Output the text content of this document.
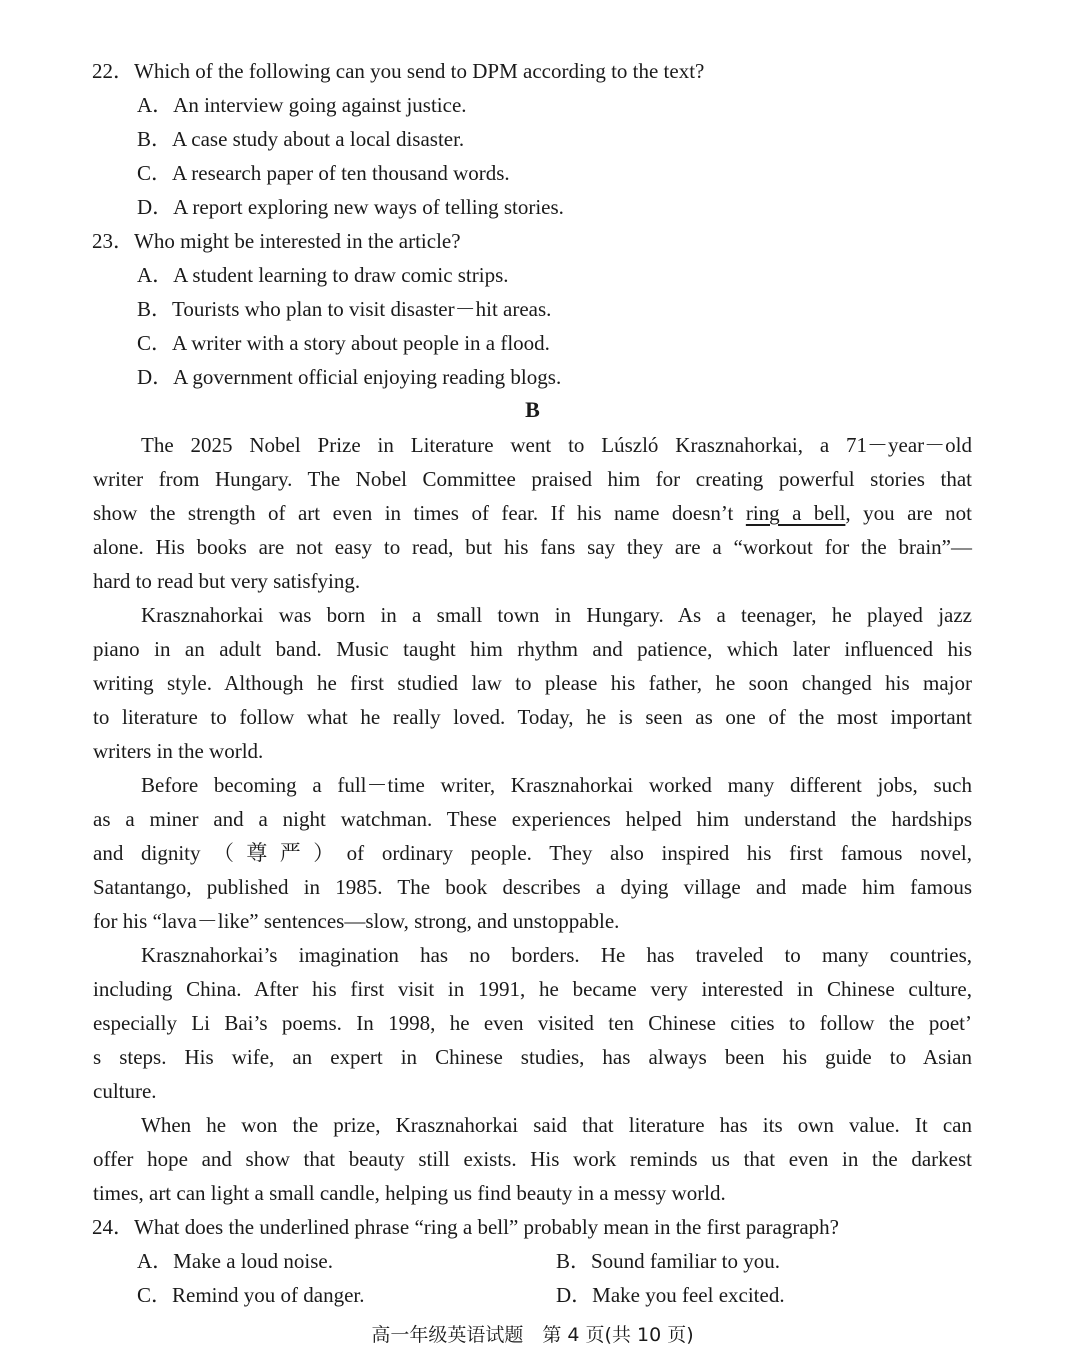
22．Which of the following can you send to DPM according to the text?
A．An interview going against justice.
B．A case study about a local disaster.
C．A research paper of ten thousand words.
D．A report exploring new ways of telling stories.
23．Who might be interested in the article?
A．A student learning to draw comic strips.
B．Tourists who plan to visit disaster－hit areas.
C．A writer with a story about people in a flood.
D．A government official enjoying reading blogs.
B
The 2025 Nobel Prize in Literature went to Lúszló Krasznahorkai, a 71－year－old
writer from Hungary. The Nobel Committee praised him for creating powerful stories that
show the strength of art even in times of fear. If his name doesn’t ring a bell, you are not
alone. His books are not easy to read, but his fans say they are a “workout for the brain”—
hard to read but very satisfying.
Krasznahorkai was born in a small town in Hungary. As a teenager, he played jazz
piano in an adult band. Music taught him rhythm and patience, which later influenced his
writing style. Although he first studied law to please his father, he soon changed his major
to literature to follow what he really loved. Today, he is seen as one of the most important
writers in the world.
Before becoming a full－time writer, Krasznahorkai worked many different jobs, such
as a miner and a night watchman. These experiences helped him understand the hardships
and dignity（尊严）of ordinary people. They also inspired his first famous novel,
Satantango, published in 1985. The book describes a dying village and made him famous
for his “lava－like” sentences—slow, strong, and unstoppable.
Krasznahorkai’s imagination has no borders. He has traveled to many countries,
including China. After his first visit in 1991, he became very interested in Chinese culture,
especially Li Bai’s poems. In 1998, he even visited ten Chinese cities to follow the poet’
s steps. His wife, an expert in Chinese studies, has always been his guide to Asian
culture.
When he won the prize, Krasznahorkai said that literature has its own value. It can
offer hope and show that beauty still exists. His work reminds us that even in the darkest
times, art can light a small candle, helping us find beauty in a messy world.
24．What does the underlined phrase “ring a bell” probably mean in the first paragraph?
A．Make a loud noise.	B．Sound familiar to you.
C．Remind you of danger.	D．Make you feel excited.
高一年级英语试题　第 4 页(共 10 页)
